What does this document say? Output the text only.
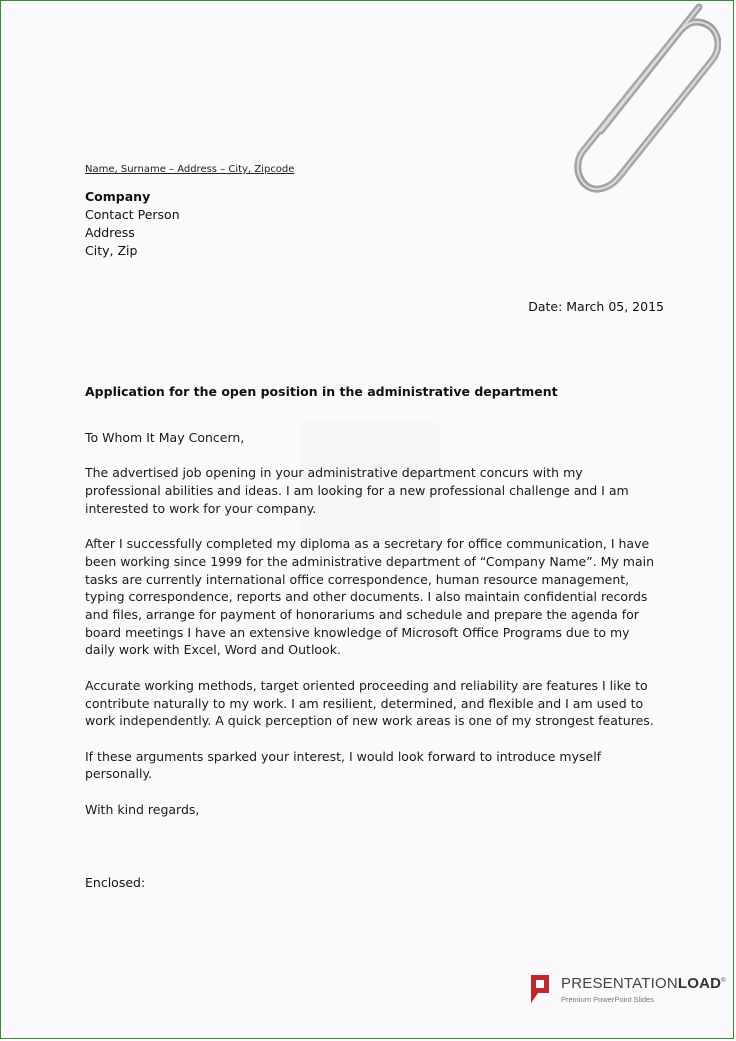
Name, Surname – Address – City, Zipcode
Company
Contact Person
Address
City, Zip
Date: March 05, 2015
Application for the open position in the administrative department

To Whom It May Concern,

The advertised job opening in your administrative department concurs with my professional abilities and ideas. I am looking for a new professional challenge and I am interested to work for your company.

After I successfully completed my diploma as a secretary for office communication, I have been working since 1999 for the administrative department of “Company Name”. My main tasks are currently international office correspondence, human resource management, typing correspondence, reports and other documents. I also maintain confidential records and files, arrange for payment of honorariums and schedule and prepare the agenda for board meetings I have an extensive knowledge of Microsoft Office Programs due to my daily work with Excel, Word and Outlook.

Accurate working methods, target oriented proceeding and reliability are features I like to contribute naturally to my work. I am resilient, determined, and flexible and I am used to work independently. A quick perception of new work areas is one of my strongest features.

If these arguments sparked your interest, I would look forward to introduce myself personally.

With kind regards,

Enclosed:
PRESENTATIONLOAD®
Premium PowerPoint Slides
